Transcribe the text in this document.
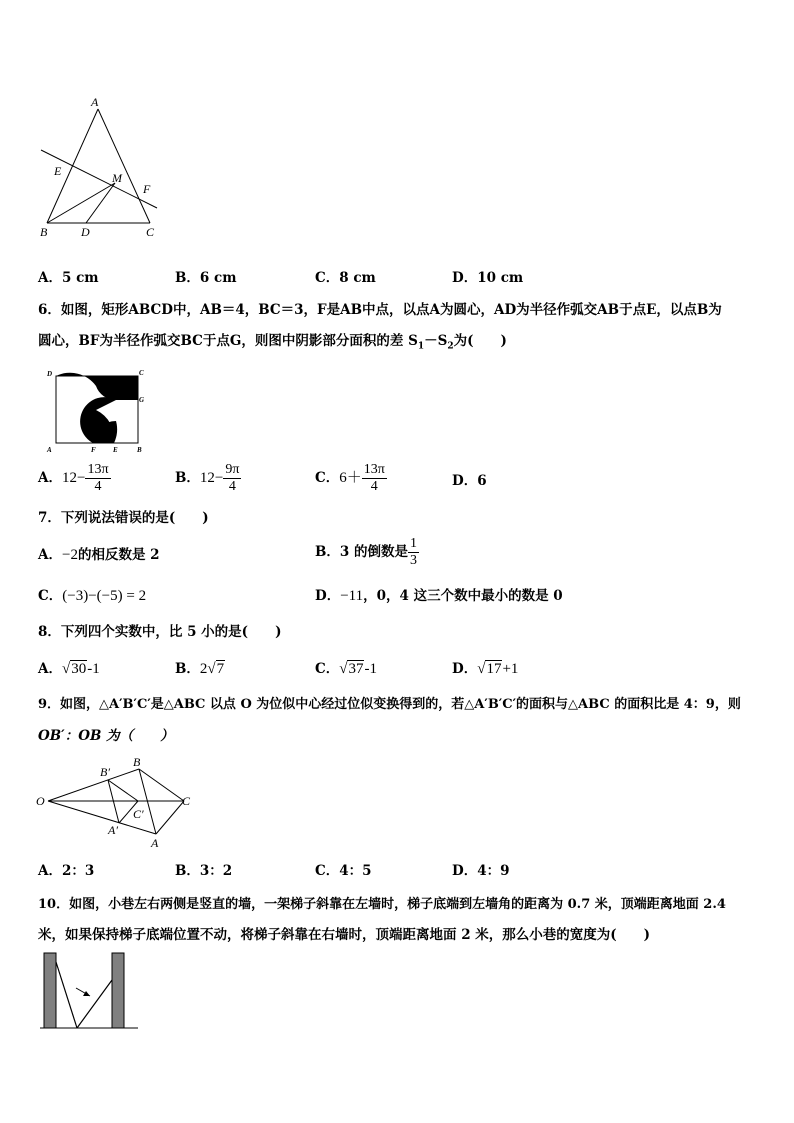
A
E	M
F
B	D	C
A．5 cm	B．6 cm	C．8 cm	D．10 cm
6．如图，矩形ABCD中，AB＝4，BC＝3，F是AB中点，以点A为圆心，AD为半径作弧交AB于点E，以点B为
圆心，BF为半径作弧交BC于点G，则图中阴影部分面积的差 $S_1-S_2$为(　　)
D	C
G
A	F E	B
A．$12- \frac{13\pi}{4}$	B．$12- \frac{9\pi}{4}$	C．$6+ \frac{13\pi}{4}$	D．6
7．下列说法错误的是(　　)
A．−2的相反数是 2	B．3 的倒数是 $\frac{1}{3}$
C．(−3)−(−5) = 2	D．−11，0，4 这三个数中最小的数是 0
8．下列四个实数中，比 5 小的是(　　)
A．√30-1	B．2√7	C．√37-1	D．√17+1
9．如图，△A′B′C′是△ABC 以点 O 为位似中心经过位似变换得到的，若△A′B′C′的面积与△ABC 的面积比是 4：9，则
OB′：OB 为（　　）
O
B′
B
C′
C
A′
A
A．2：3	B．3：2	C．4：5	D．4：9
10．如图，小巷左右两侧是竖直的墙，一架梯子斜靠在左墙时，梯子底端到左墙角的距离为 0.7 米，顶端距离地面 2.4
米，如果保持梯子底端位置不动，将梯子斜靠在右墙时，顶端距离地面 2 米，那么小巷的宽度为(　　)
